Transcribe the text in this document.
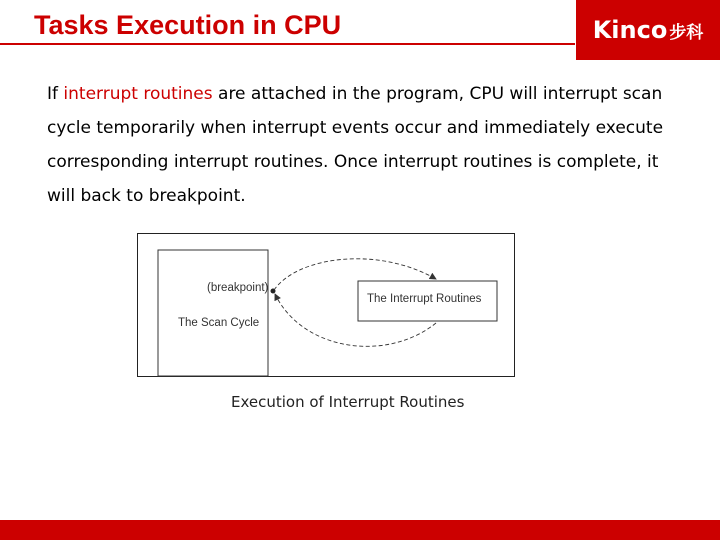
Tasks Execution in CPU	Kinco 步科
If interrupt routines are attached in the program, CPU will interrupt scan cycle temporarily when interrupt events occur and immediately execute corresponding interrupt routines. Once interrupt routines is complete, it will back to breakpoint.
(breakpoint)
The Scan Cycle
The Interrupt Routines
Execution of Interrupt Routines
